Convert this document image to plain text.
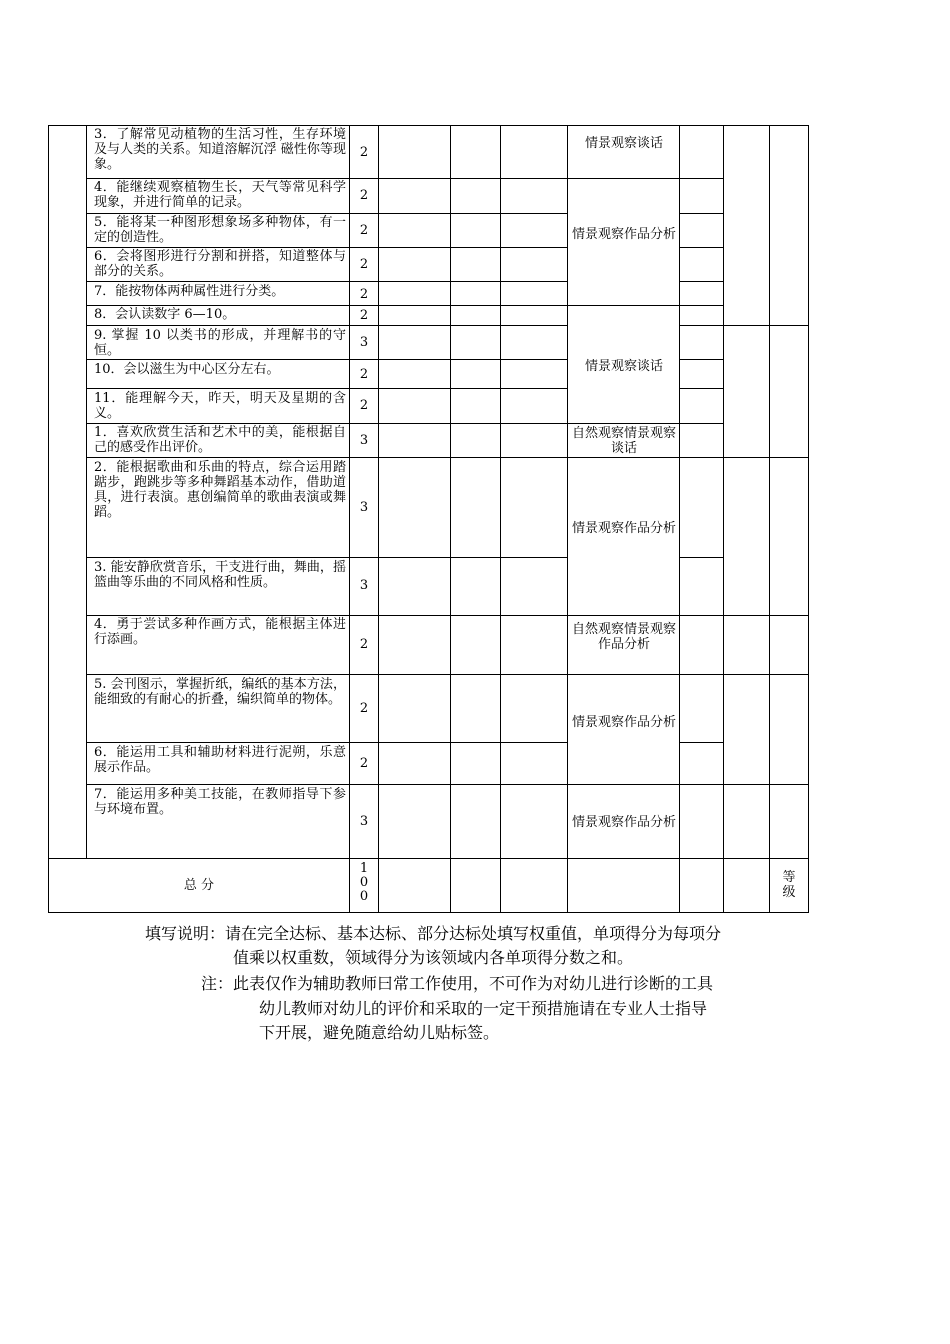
3．了解常见动植物的生活习性，生存环境及与人类的关系。知道溶解沉浮 磁性你等现象。
4．能继续观察植物生长，天气等常见科学现象，并进行简单的记录。
5．能将某一种图形想象场多种物体，有一定的创造性。
6．会将图形进行分割和拼搭，知道整体与部分的关系。
7．能按物体两种属性进行分类。
8．会认读数字 6—10。
9. 掌握 10 以类书的形成，并理解书的守恒。
10．会以滋生为中心区分左右。
11．能理解今天，昨天，明天及星期的含义。
1．喜欢欣赏生活和艺术中的美，能根据自己的感受作出评价。
2．能根据歌曲和乐曲的特点，综合运用踏踮步，跑跳步等多种舞蹈基本动作，借助道具，进行表演。惠创编简单的歌曲表演或舞蹈。
3. 能安静欣赏音乐，干支进行曲，舞曲，摇篮曲等乐曲的不同风格和性质。
4．勇于尝试多种作画方式，能根据主体进行添画。
5. 会刊图示，掌握折纸，编纸的基本方法，能细致的有耐心的折叠，编织简单的物体。
6．能运用工具和辅助材料进行泥朔，乐意展示作品。
7．能运用多种美工技能，在教师指导下参与环境布置。
2
2
2
2
2
2
3
2
2
3
3
3
2
2
2
3
情景观察谈话
情景观察作品分析
情景观察谈话
自然观察情景观察谈话
情景观察作品分析
自然观察情景观察作品分析
情景观察作品分析
情景观察作品分析
总 分
100
等级
填写说明：请在完全达标、基本达标、部分达标处填写权重值，单项得分为每项分
值乘以权重数，领域得分为该领域内各单项得分数之和。
注：此表仅作为辅助教师曰常工作使用，不可作为对幼儿进行诊断的工具
幼儿教师对幼儿的评价和采取的一定干预措施请在专业人士指导
下开展，避免随意给幼儿贴标签。
